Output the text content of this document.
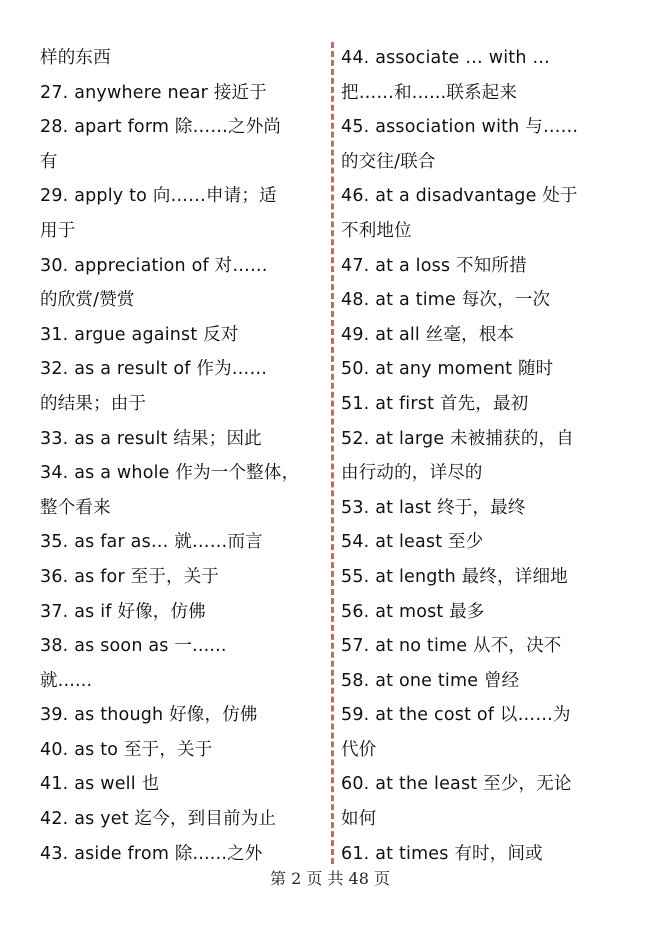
样的东西
27. anywhere near 接近于
28. apart form 除……之外尚
有
29. apply to 向……申请；适
用于
30. appreciation of 对……
的欣赏/赞赏
31. argue against 反对
32. as a result of 作为……
的结果；由于
33. as a result 结果；因此
34. as a whole 作为一个整体，
整个看来
35. as far as… 就……而言
36. as for 至于，关于
37. as if 好像，仿佛
38. as soon as 一......
就......
39. as though 好像，仿佛
40. as to 至于，关于
41. as well 也
42. as yet 迄今，到目前为止
43. aside from 除......之外
44. associate … with …
把……和......联系起来
45. association with 与……
的交往/联合
46. at a disadvantage 处于
不利地位
47. at a loss 不知所措
48. at a time 每次，一次
49. at all 丝毫，根本
50. at any moment 随时
51. at first 首先，最初
52. at large 未被捕获的，自
由行动的，详尽的
53. at last 终于，最终
54. at least 至少
55. at length 最终，详细地
56. at most 最多
57. at no time 从不，决不
58. at one time 曾经
59. at the cost of 以……为
代价
60. at the least 至少，无论
如何
61. at times 有时，间或
第 2 页 共 48 页
